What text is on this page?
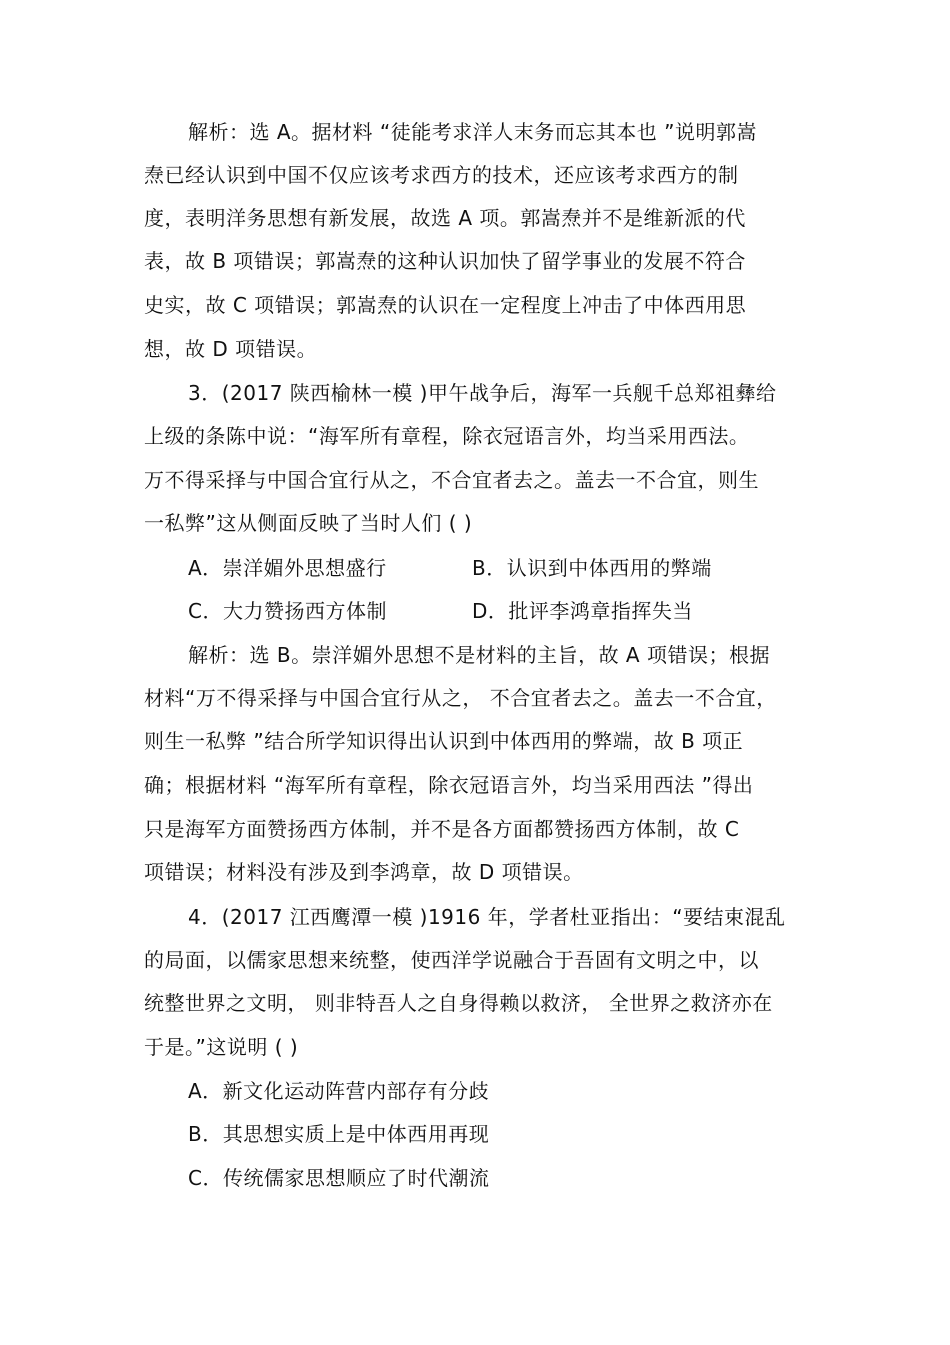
解析：选 A。据材料 “徒能考求洋人末务而忘其本也 ”说明郭嵩
焘已经认识到中国不仅应该考求西方的技术，还应该考求西方的制
度，表明洋务思想有新发展，故选 A 项。郭嵩焘并不是维新派的代
表，故 B 项错误；郭嵩焘的这种认识加快了留学事业的发展不符合
史实，故 C 项错误；郭嵩焘的认识在一定程度上冲击了中体西用思
想，故 D 项错误。
3．(2017 陕西榆林一模 )甲午战争后，海军一兵舰千总郑祖彝给
上级的条陈中说：“海军所有章程，除衣冠语言外，均当采用西法。
万不得采择与中国合宜行从之，不合宜者去之。盖去一不合宜，则生
一私弊”这从侧面反映了当时人们 ( )
A．崇洋媚外思想盛行	B．认识到中体西用的弊端
C．大力赞扬西方体制	D．批评李鸿章指挥失当
解析：选 B。崇洋媚外思想不是材料的主旨，故 A 项错误；根据
材料“万不得采择与中国合宜行从之， 不合宜者去之。盖去一不合宜，
则生一私弊 ”结合所学知识得出认识到中体西用的弊端，故 B 项正
确；根据材料 “海军所有章程，除衣冠语言外，均当采用西法 ”得出
只是海军方面赞扬西方体制，并不是各方面都赞扬西方体制，故 C
项错误；材料没有涉及到李鸿章，故 D 项错误。
4．(2017 江西鹰潭一模 )1916 年，学者杜亚指出：“要结束混乱
的局面，以儒家思想来统整，使西洋学说融合于吾固有文明之中，以
统整世界之文明， 则非特吾人之自身得赖以救济， 全世界之救济亦在
于是。”这说明 ( )
A．新文化运动阵营内部存有分歧
B．其思想实质上是中体西用再现
C．传统儒家思想顺应了时代潮流
